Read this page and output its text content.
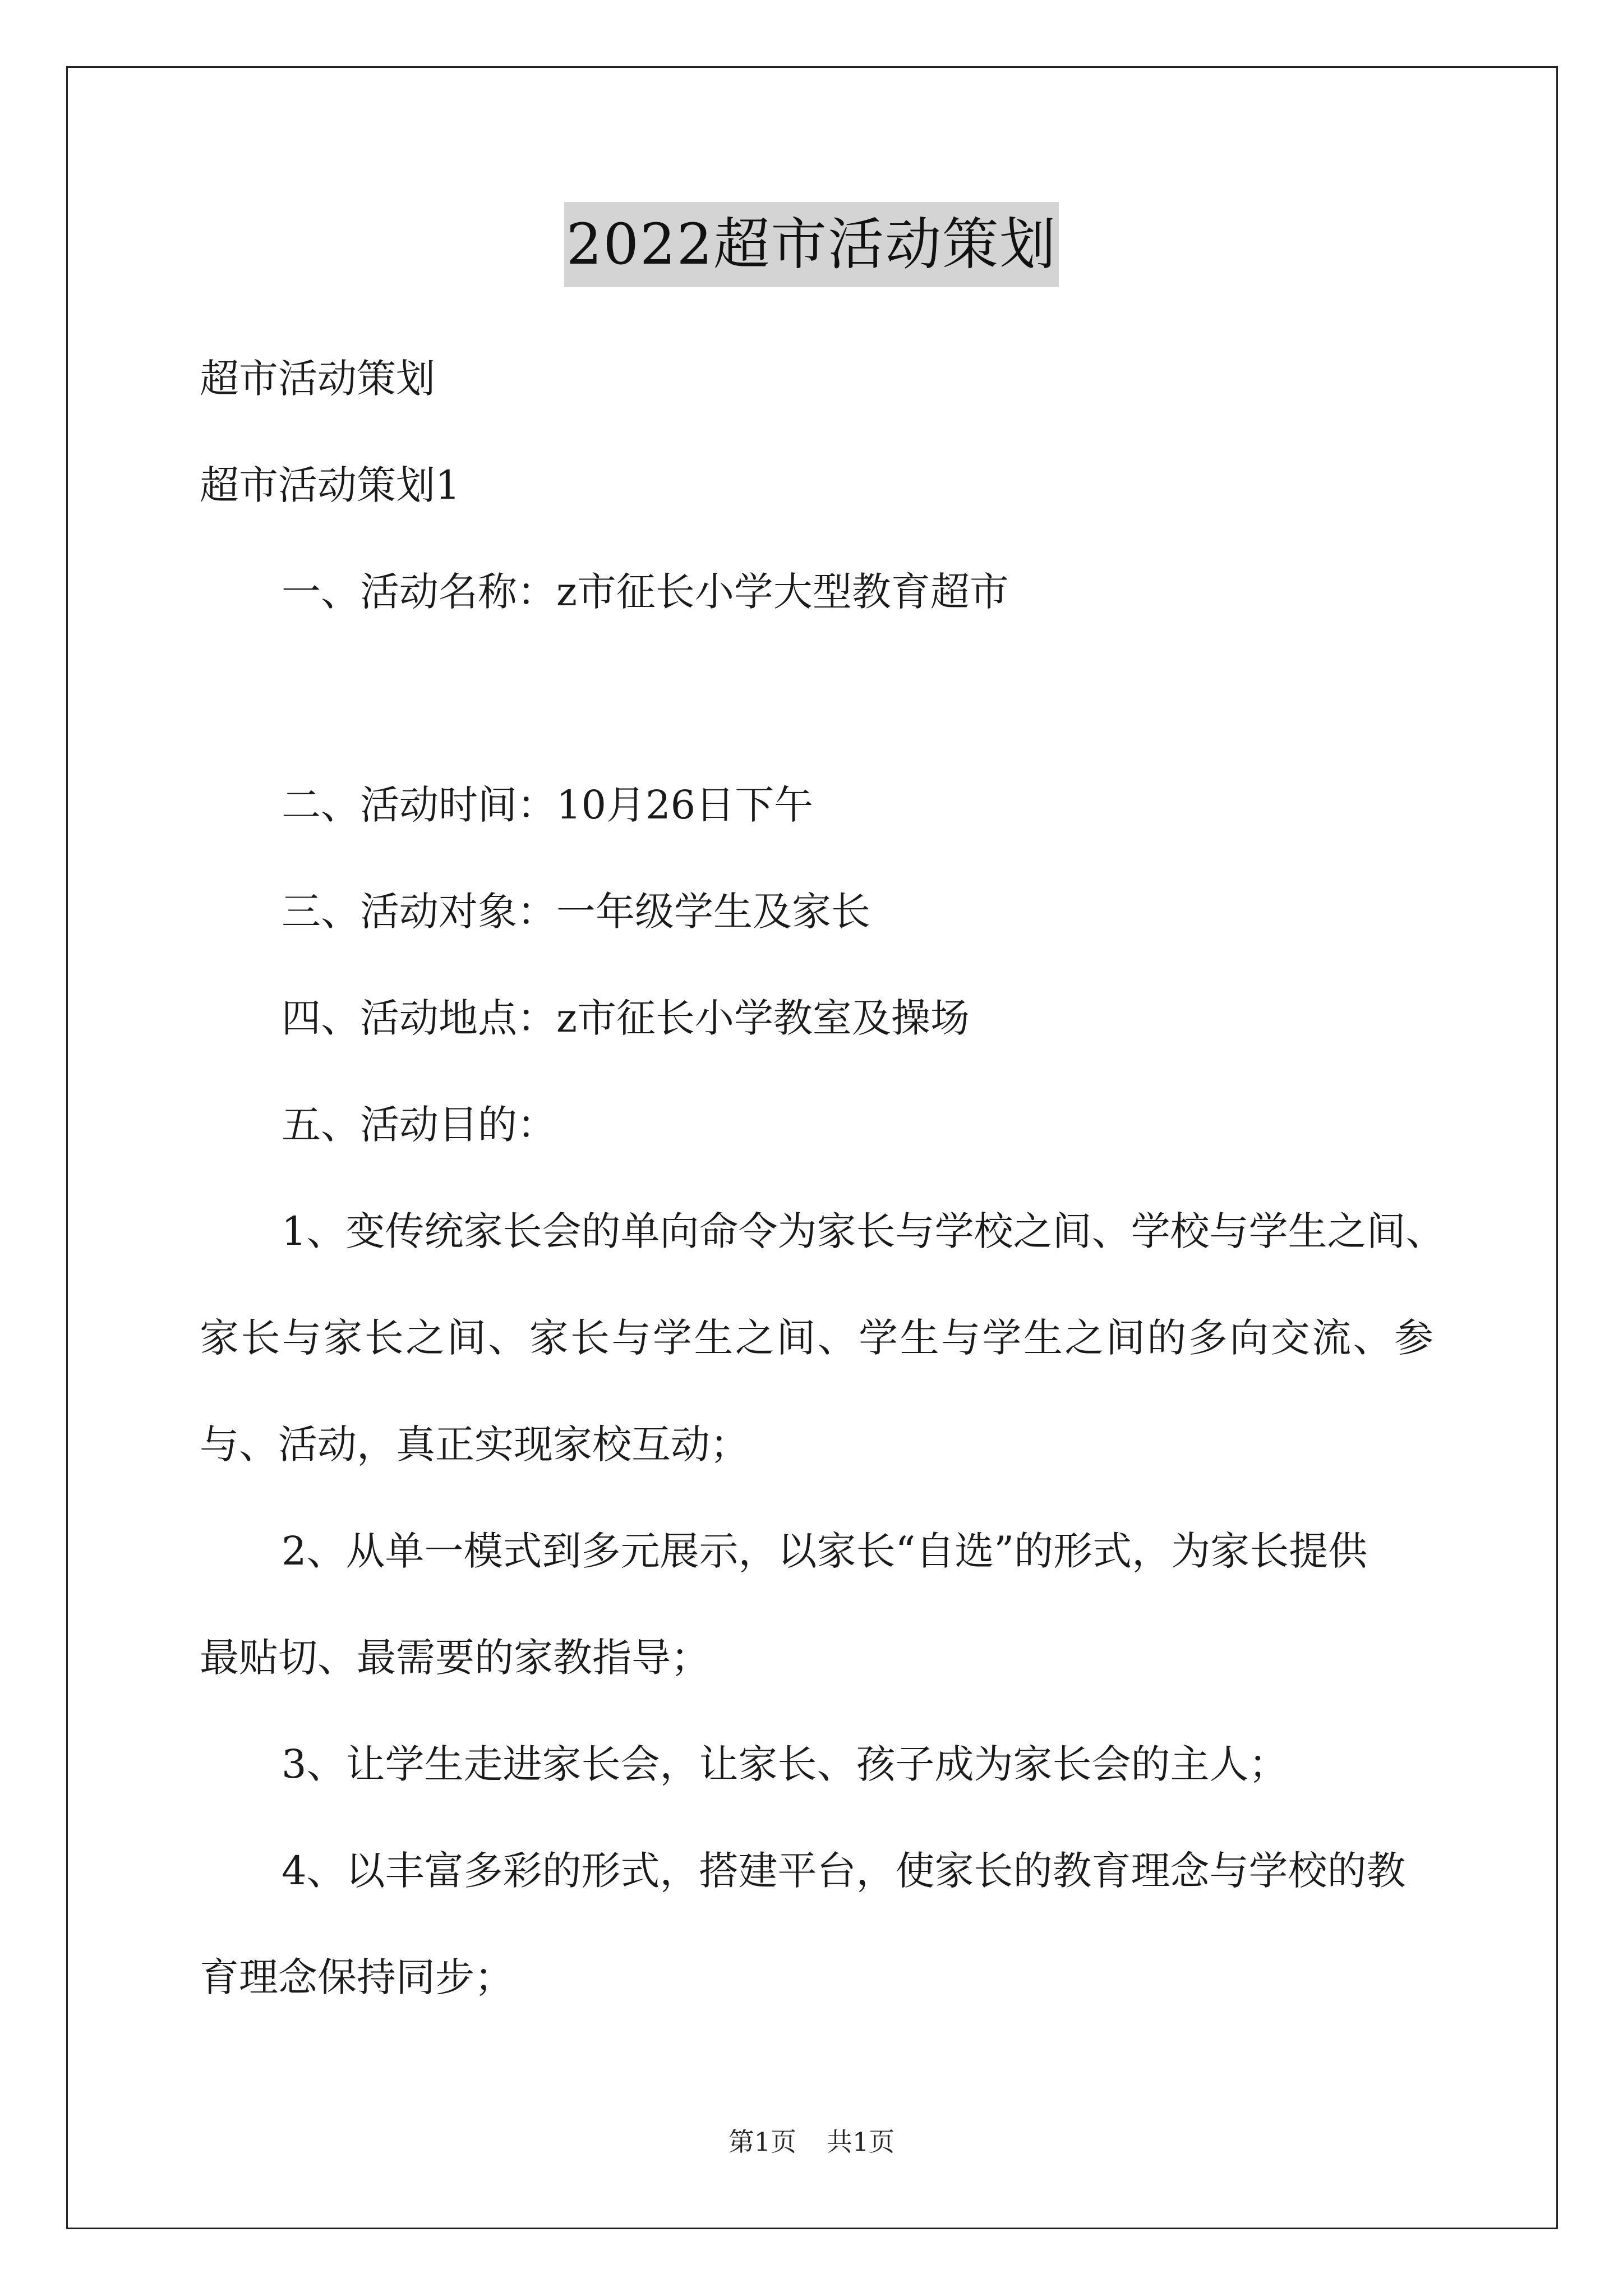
2022超市活动策划
超市活动策划
超市活动策划1
一、活动名称：z市征长小学大型教育超市
二、活动时间：10月26日下午
三、活动对象：一年级学生及家长
四、活动地点：z市征长小学教室及操场
五、活动目的：
1、变传统家长会的单向命令为家长与学校之间、学校与学生之间、
家长与家长之间、家长与学生之间、学生与学生之间的多向交流、参
与、活动，真正实现家校互动；
2、从单一模式到多元展示，以家长“自选”的形式，为家长提供
最贴切、最需要的家教指导；
3、让学生走进家长会，让家长、孩子成为家长会的主人；
4、以丰富多彩的形式，搭建平台，使家长的教育理念与学校的教
育理念保持同步；
第1页 共1页
